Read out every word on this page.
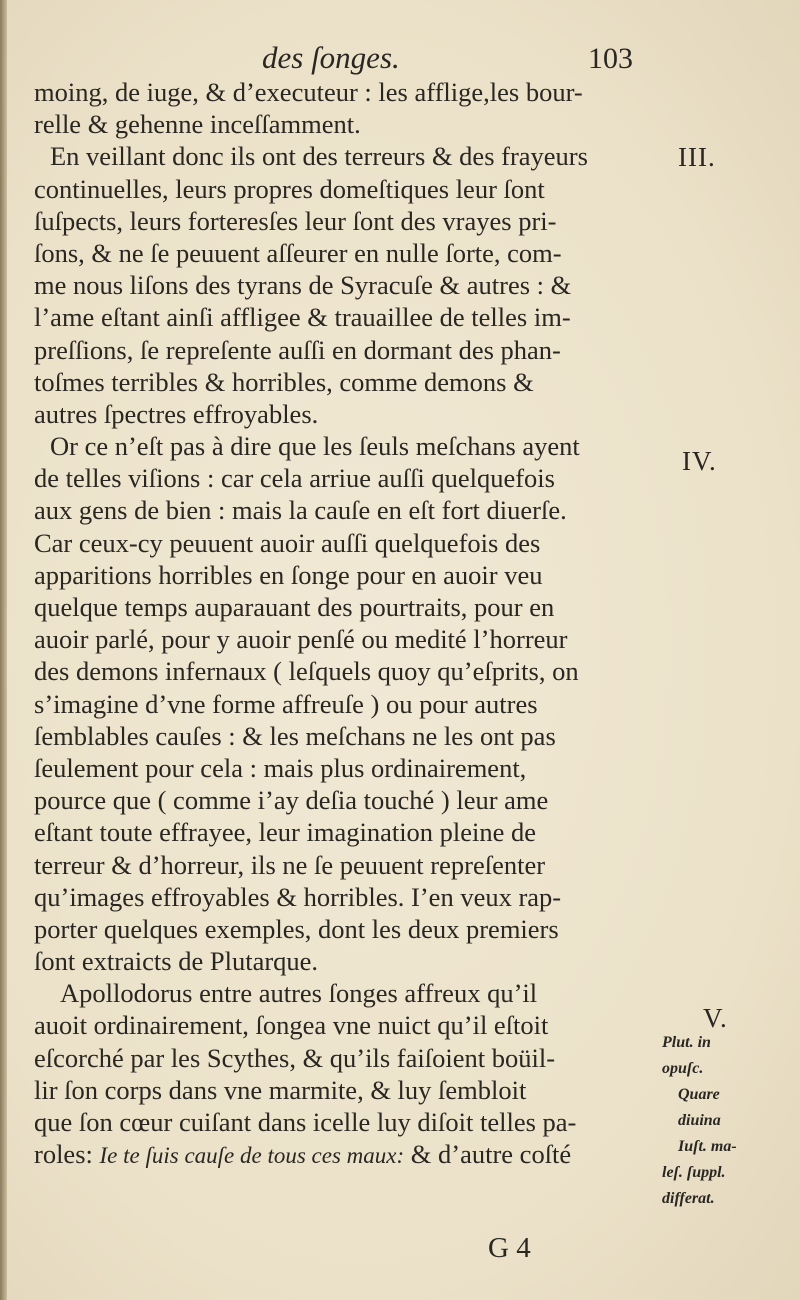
des ſonges.	103
moing, de iuge, & d’executeur : les afflige,les bour-
relle & gehenne inceſſamment.
En veillant donc ils ont des terreurs & des frayeurs
continuelles, leurs propres domeſtiques leur ſont
ſuſpects, leurs forteresſes leur ſont des vrayes pri-
ſons, & ne ſe peuuent aſſeurer en nulle ſorte, com-
me nous liſons des tyrans de Syracuſe & autres : &
l’ame eſtant ainſi affligee & trauaillee de telles im-
preſſions, ſe repreſente auſſi en dormant des phan-
toſmes terribles & horribles, comme demons &
autres ſpectres effroyables.
Or ce n’eſt pas à dire que les ſeuls meſchans ayent
de telles viſions : car cela arriue auſſi quelquefois
aux gens de bien : mais la cauſe en eſt fort diuerſe.
Car ceux-cy peuuent auoir auſſi quelquefois des
apparitions horribles en ſonge pour en auoir veu
quelque temps auparauant des pourtraits, pour en
auoir parlé, pour y auoir penſé ou medité l’horreur
des demons infernaux ( leſquels quoy qu’eſprits, on
s’imagine d’vne forme affreuſe ) ou pour autres
ſemblables cauſes : & les meſchans ne les ont pas
ſeulement pour cela : mais plus ordinairement,
pource que ( comme i’ay deſia touché ) leur ame
eſtant toute effrayee, leur imagination pleine de
terreur & d’horreur, ils ne ſe peuuent repreſenter
qu’images effroyables & horribles. I’en veux rap-
porter quelques exemples, dont les deux premiers
ſont extraicts de Plutarque.
Apollodorus entre autres ſonges affreux qu’il
auoit ordinairement, ſongea vne nuict qu’il eſtoit
eſcorché par les Scythes, & qu’ils faiſoient boüil-
lir ſon corps dans vne marmite, & luy ſembloit
que ſon cœur cuiſant dans icelle luy diſoit telles pa-
roles: Ie te ſuis cauſe de tous ces maux: & d’autre coſté
III.
IV.
V.
Plut. in
opuſc.
Quare
diuina
Iuſt. ma-
leſ. ſuppl.
differat.
G 4
